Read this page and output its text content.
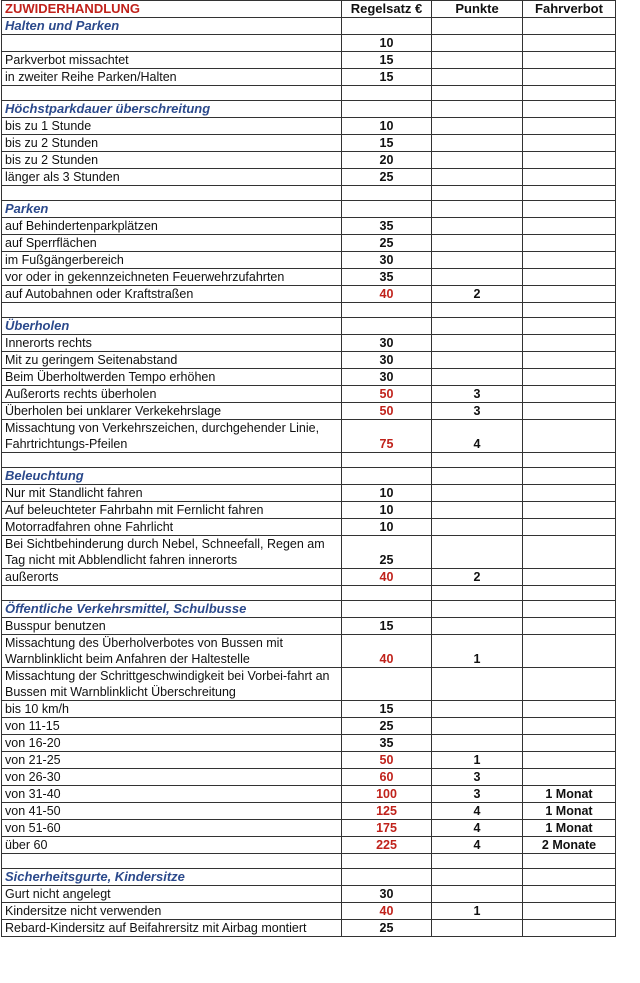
ZUWIDERHANDLUNG	Regelsatz €	Punkte	Fahrverbot
Halten und Parken			
	10		
Parkverbot missachtet	15		
in zweiter Reihe Parken/Halten	15		

Höchstparkdauer überschreitung			
bis zu 1 Stunde	10		
bis zu 2 Stunden	15		
bis zu 2 Stunden	20		
länger als 3 Stunden	25		

Parken			
auf Behindertenparkplätzen	35		
auf Sperrflächen	25		
im Fußgängerbereich	30		
vor oder in gekennzeichneten Feuerwehrzufahrten	35		
auf Autobahnen oder Kraftstraßen	40	2	

Überholen			
Innerorts rechts	30		
Mit zu geringem Seitenabstand	30		
Beim Überholtwerden Tempo erhöhen	30		
Außerorts rechts überholen	50	3	
Überholen bei unklarer Verkekehrslage	50	3	
Missachtung von Verkehrszeichen, durchgehender Linie, Fahrtrichtungs-Pfeilen	75	4	

Beleuchtung			
Nur mit Standlicht fahren	10		
Auf beleuchteter Fahrbahn mit Fernlicht fahren	10		
Motorradfahren ohne Fahrlicht	10		
Bei Sichtbehinderung durch Nebel, Schneefall, Regen am Tag nicht mit Abblendlicht fahren innerorts	25		
außerorts	40	2	

Öffentliche Verkehrsmittel, Schulbusse			
Busspur benutzen	15		
Missachtung des Überholverbotes von Bussen mit Warnblinklicht beim Anfahren der Haltestelle	40	1	
Missachtung der Schrittgeschwindigkeit bei Vorbei-fahrt an Bussen mit Warnblinklicht Überschreitung			
bis 10 km/h	15		
von 11-15	25		
von 16-20	35		
von 21-25	50	1	
von 26-30	60	3	
von 31-40	100	3	1 Monat
von 41-50	125	4	1 Monat
von 51-60	175	4	1 Monat
über 60	225	4	2 Monate

Sicherheitsgurte, Kindersitze			
Gurt nicht angelegt	30		
Kindersitze nicht verwenden	40	1	
Rebard-Kindersitz auf Beifahrersitz mit Airbag montiert	25		
